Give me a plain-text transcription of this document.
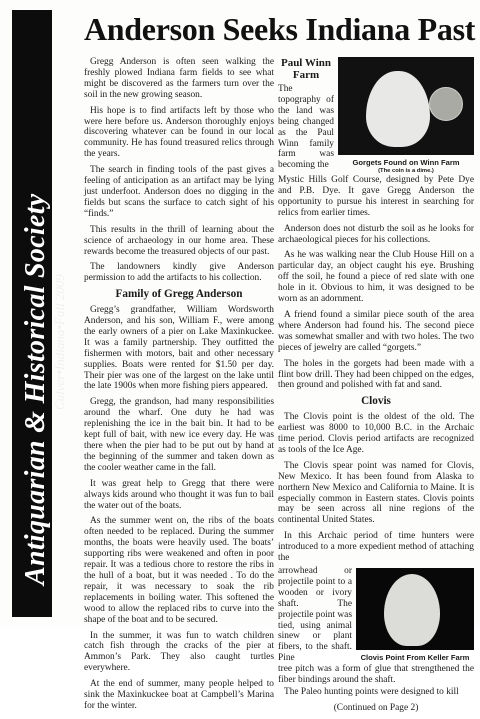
Antiquarian & Historical Society Culver•Indiana•Fall 2009
Anderson Seeks Indiana Past

Gregg Anderson is often seen walking the freshly plowed Indiana farm fields to see what might be discovered as the farmers turn over the soil in the new growing season.

His hope is to find artifacts left by those who were here before us. Anderson thoroughly enjoys discovering whatever can be found in our local community. He has found treasured relics through the years.

The search in finding tools of the past gives a feeling of anticipation as an artifact may be lying just underfoot. Anderson does no digging in the fields but scans the surface to catch sight of his “finds.”

This results in the thrill of learning about the science of archaeology in our home area. These rewards become the treasured objects of our past.

The landowners kindly give Anderson permission to add the artifacts to his collection.

Family of Gregg Anderson

Gregg’s grandfather, William Wordsworth Anderson, and his son, William F., were among the early owners of a pier on Lake Maxinkuckee. It was a family partnership. They outfitted the fishermen with motors, bait and other necessary supplies. Boats were rented for $1.50 per day. Their pier was one of the largest on the lake until the late 1900s when more fishing piers appeared.

Gregg, the grandson, had many responsibilities around the wharf. One duty he had was replenishing the ice in the bait bin. It had to be kept full of bait, with new ice every day. He was there when the pier had to be put out by hand at the beginning of the summer and taken down as the cooler weather came in the fall.

It was great help to Gregg that there were always kids around who thought it was fun to bail the water out of the boats.

As the summer went on, the ribs of the boats often needed to be replaced. During the summer months, the boats were heavily used. The boats’ supporting ribs were weakened and often in poor repair. It was a tedious chore to restore the ribs in the hull of a boat, but it was needed . To do the repair, it was necessary to soak the rib replacements in boiling water. This softened the wood to allow the replaced ribs to curve into the shape of the boat and to be secured.

In the summer, it was fun to watch children catch fish through the cracks of the pier at Ammon’s Park. They also caught turtles everywhere.

At the end of summer, many people helped to sink the Maxinkuckee boat at Campbell’s Marina for the winter.

Gorgets Found on Winn Farm
(The coin is a dime.)
Paul Winn Farm
The topography of the land was being changed as the Paul Winn family farm was becoming the

Mystic Hills Golf Course, designed by Pete Dye and P.B. Dye. It gave Gregg Anderson the opportunity to pursue his interest in searching for relics from earlier times.

Anderson does not disturb the soil as he looks for archaeological pieces for his collections.

As he was walking near the Club House Hill on a particular day, an object caught his eye. Brushing off the soil, he found a piece of red slate with one hole in it. Obvious to him, it was designed to be worn as an adornment.

A friend found a similar piece south of the area where Anderson had found his. The second piece was somewhat smaller and with two holes. The two pieces of jewelry are called “gorgets.”

The holes in the gorgets had been made with a flint bow drill. They had been chipped on the edges, then ground and polished with fat and sand.

Clovis

The Clovis point is the oldest of the old. The earliest was 8000 to 10,000 B.C. in the Archaic time period. Clovis period artifacts are recognized as tools of the Ice Age.

The Clovis spear point was named for Clovis, New Mexico. It has been found from Alaska to northern New Mexico and California to Maine. It is especially common in Eastern states. Clovis points may be seen across all nine regions of the continental United States.

In this Archaic period of time hunters were introduced to a more expedient method of attaching the

Clovis Point From Keller Farm
arrowhead or projectile point to a wooden or ivory shaft. The projectile point was tied, using animal sinew or plant fibers, to the shaft. Pine

tree pitch was a form of glue that strengthened the fiber bindings around the shaft.

The Paleo hunting points were designed to kill

(Continued on Page 2)
